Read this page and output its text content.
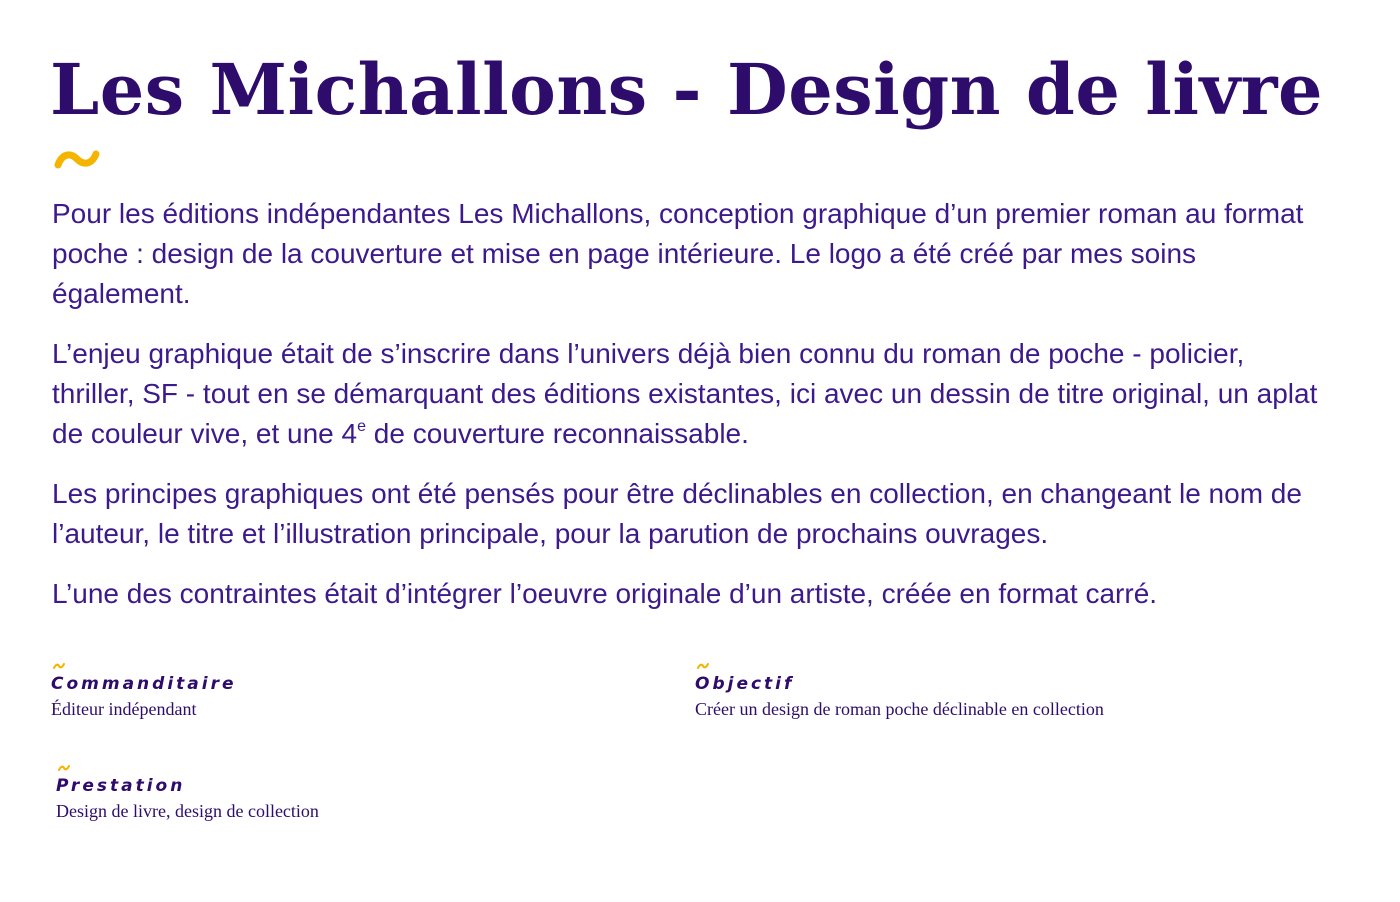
Les Michallons - Design de livre

Pour les éditions indépendantes Les Michallons, conception graphique d’un premier roman au format poche : design de la couverture et mise en page intérieure. Le logo a été créé par mes soins également.

L’enjeu graphique était de s’inscrire dans l’univers déjà bien connu du roman de poche - policier, thriller, SF - tout en se démarquant des éditions existantes, ici avec un dessin de titre original, un aplat de couleur vive, et une 4e de couverture reconnaissable.

Les principes graphiques ont été pensés pour être déclinables en collection, en changeant le nom de l’auteur, le titre et l’illustration principale, pour la parution de prochains ouvrages.

L’une des contraintes était d’intégrer l’oeuvre originale d’un artiste, créée en format carré.

Commanditaire
Éditeur indépendant
Objectif
Créer un design de roman poche déclinable en collection
Prestation
Design de livre, design de collection
